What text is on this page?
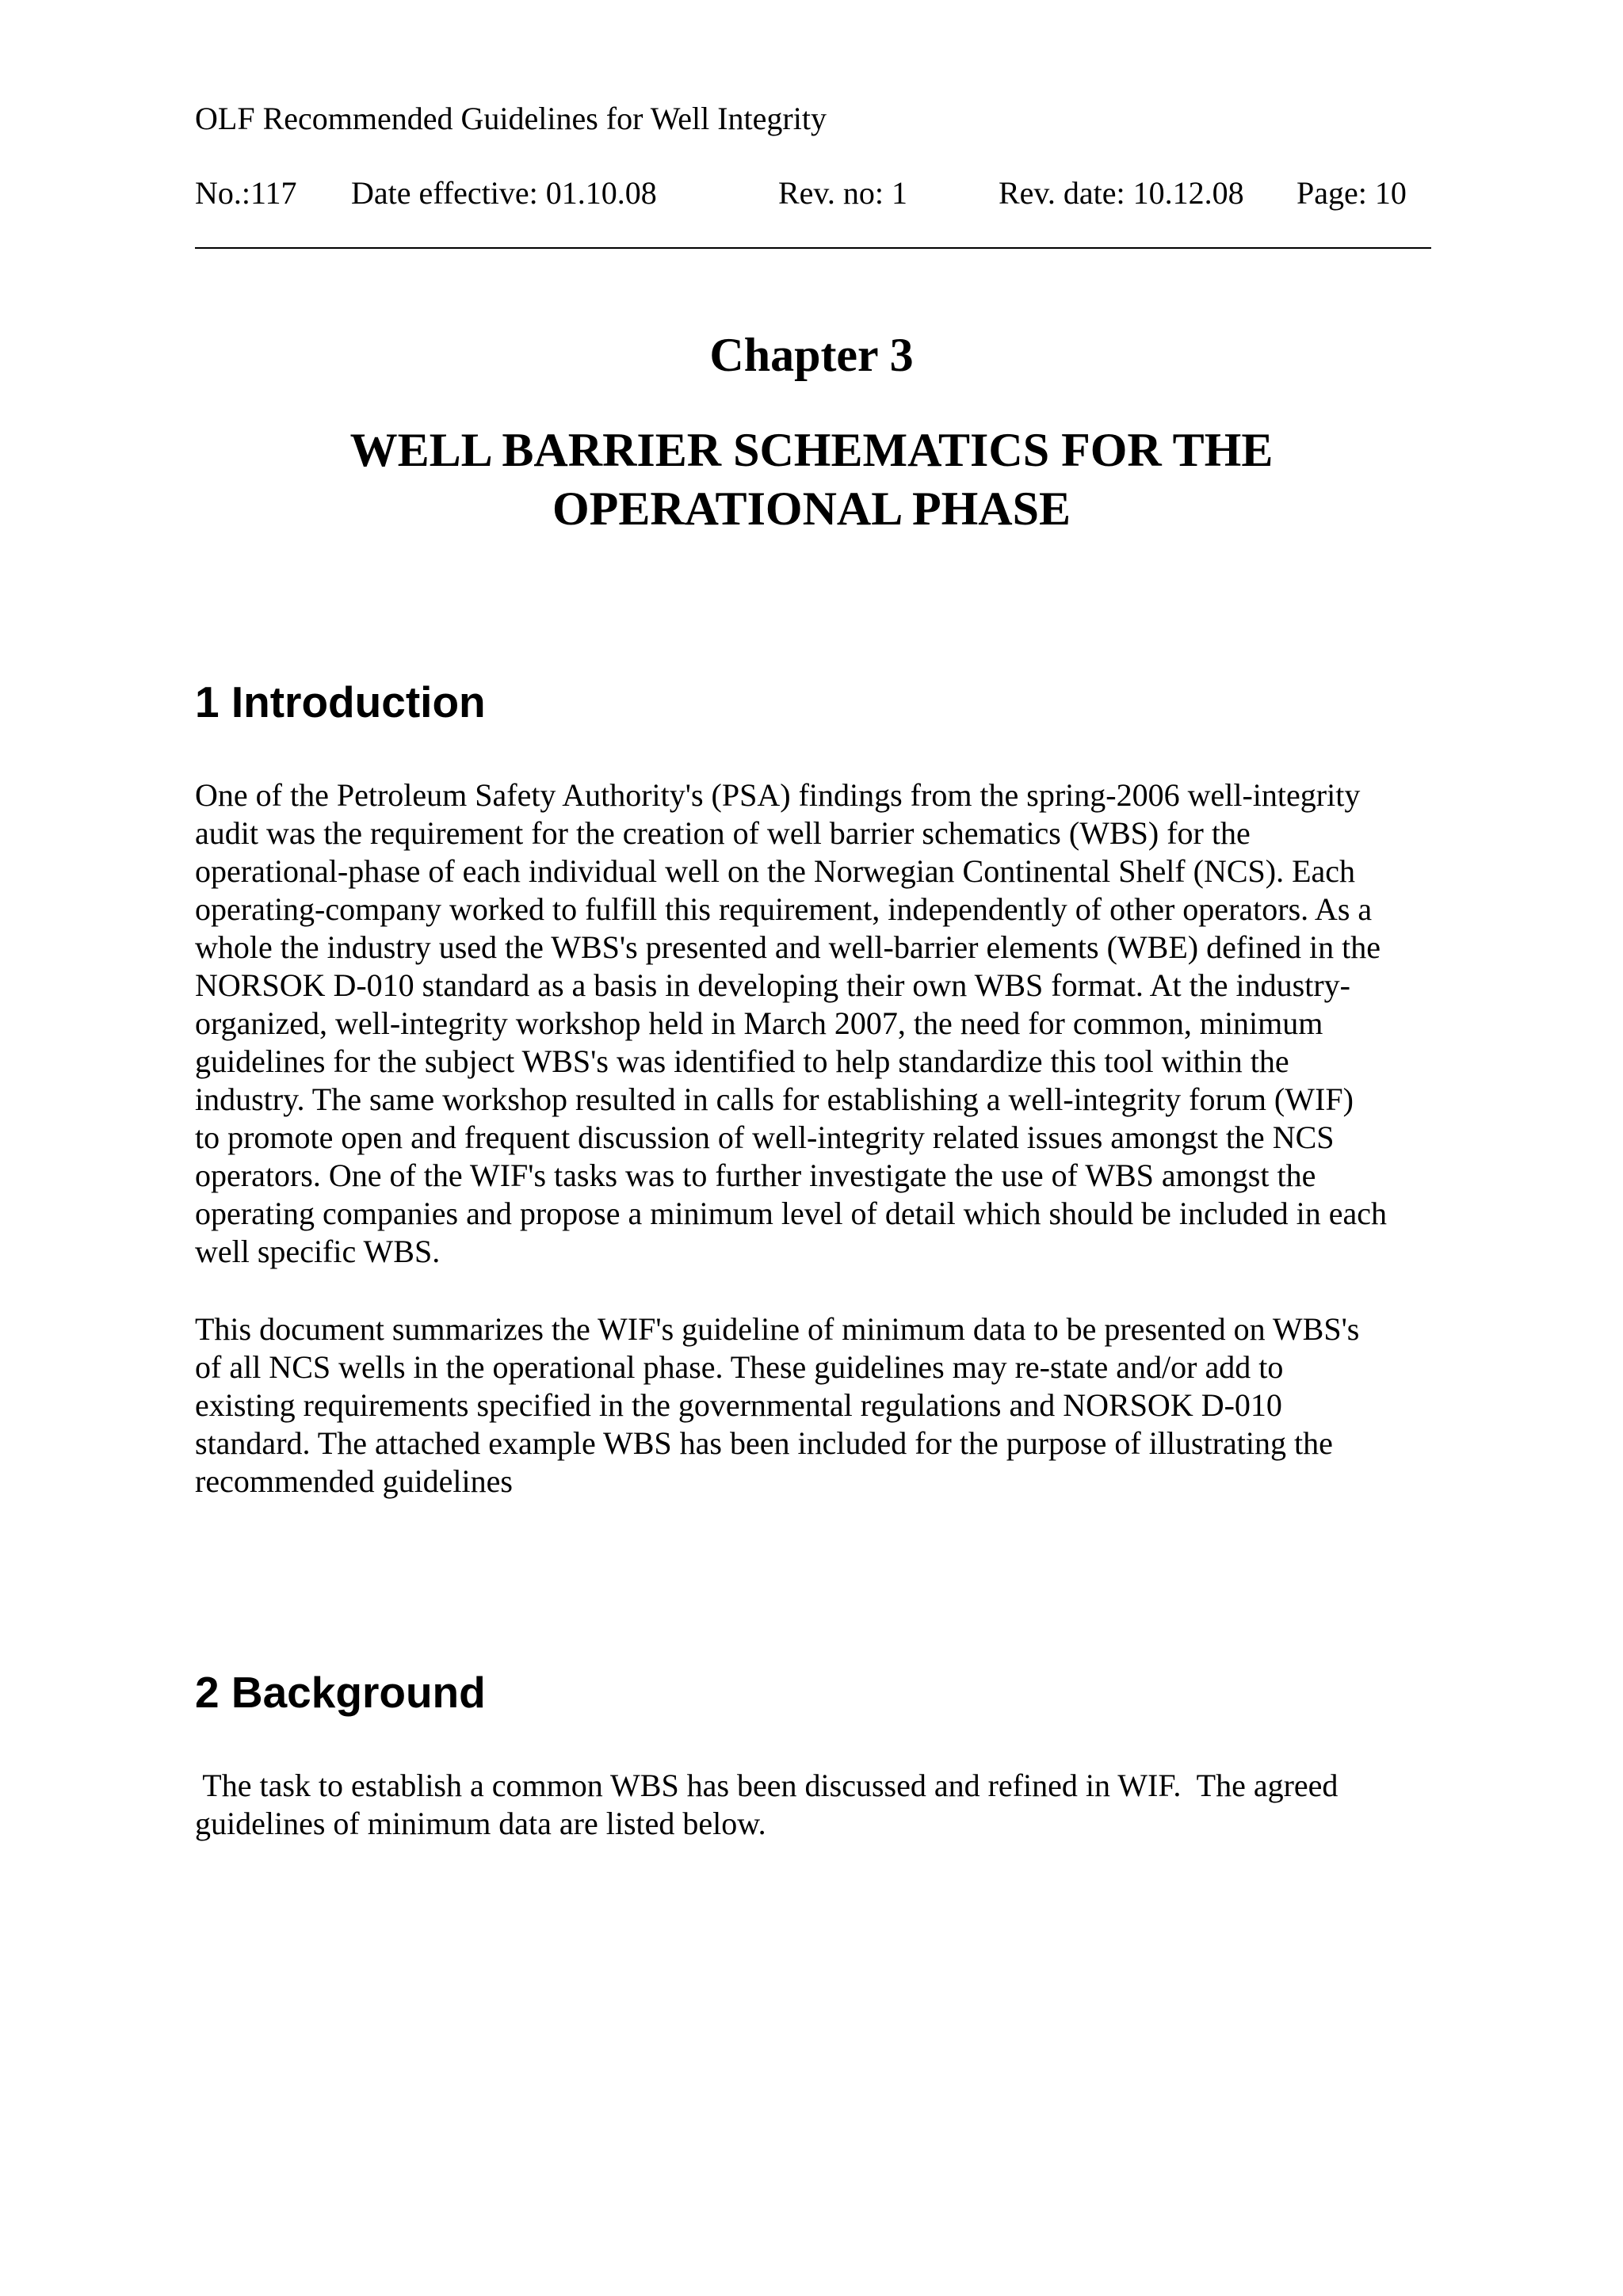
OLF Recommended Guidelines for Well Integrity
No.:117 Date effective: 01.10.08	Rev. no: 1	Rev. date: 10.12.08 Page: 10
Chapter 3
WELL BARRIER SCHEMATICS FOR THE
OPERATIONAL PHASE
1 Introduction
One of the Petroleum Safety Authority's (PSA) findings from the spring-2006 well-integrity
audit was the requirement for the creation of well barrier schematics (WBS) for the
operational-phase of each individual well on the Norwegian Continental Shelf (NCS). Each
operating-company worked to fulfill this requirement, independently of other operators. As a
whole the industry used the WBS's presented and well-barrier elements (WBE) defined in the
NORSOK D-010 standard as a basis in developing their own WBS format. At the industry-
organized, well-integrity workshop held in March 2007, the need for common, minimum
guidelines for the subject WBS's was identified to help standardize this tool within the
industry. The same workshop resulted in calls for establishing a well-integrity forum (WIF)
to promote open and frequent discussion of well-integrity related issues amongst the NCS
operators. One of the WIF's tasks was to further investigate the use of WBS amongst the
operating companies and propose a minimum level of detail which should be included in each
well specific WBS.
This document summarizes the WIF's guideline of minimum data to be presented on WBS's
of all NCS wells in the operational phase. These guidelines may re-state and/or add to
existing requirements specified in the governmental regulations and NORSOK D-010
standard. The attached example WBS has been included for the purpose of illustrating the
recommended guidelines
2 Background
The task to establish a common WBS has been discussed and refined in WIF.  The agreed
guidelines of minimum data are listed below.
